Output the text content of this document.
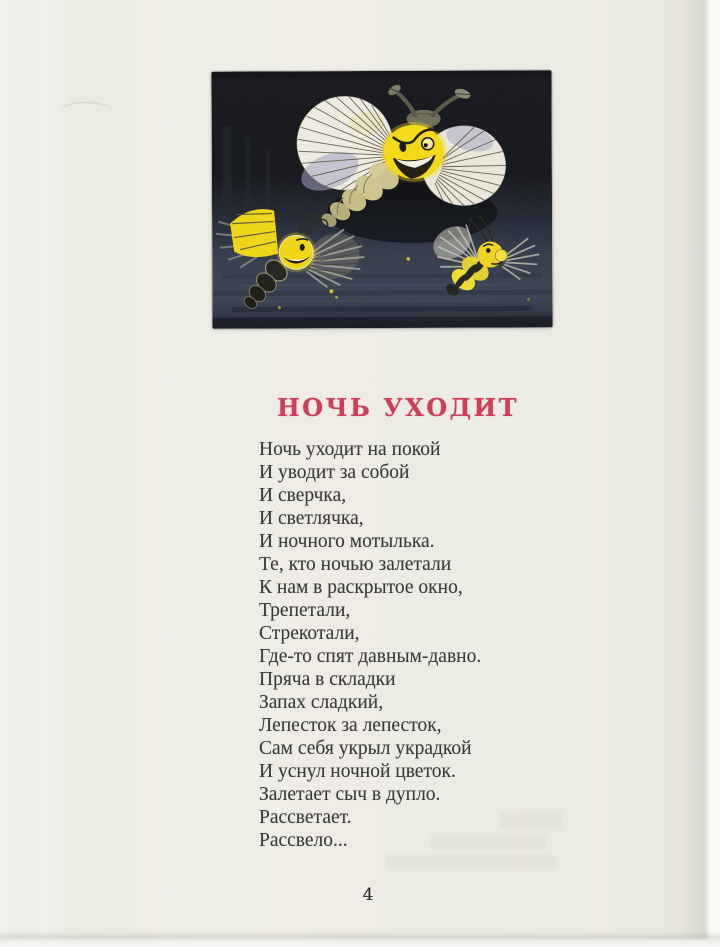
НОЧЬ УХОДИТ
Ночь уходит на покой
И уводит за собой
И сверчка,
И светлячка,
И ночного мотылька.
Те, кто ночью залетали
К нам в раскрытое окно,
Трепетали,
Стрекотали,
Где-то спят давным-давно.
Пряча в складки
Запах сладкий,
Лепесток за лепесток,
Сам себя укрыл украдкой
И уснул ночной цветок.
Залетает сыч в дупло.
Рассветает.
Рассвело...
4
